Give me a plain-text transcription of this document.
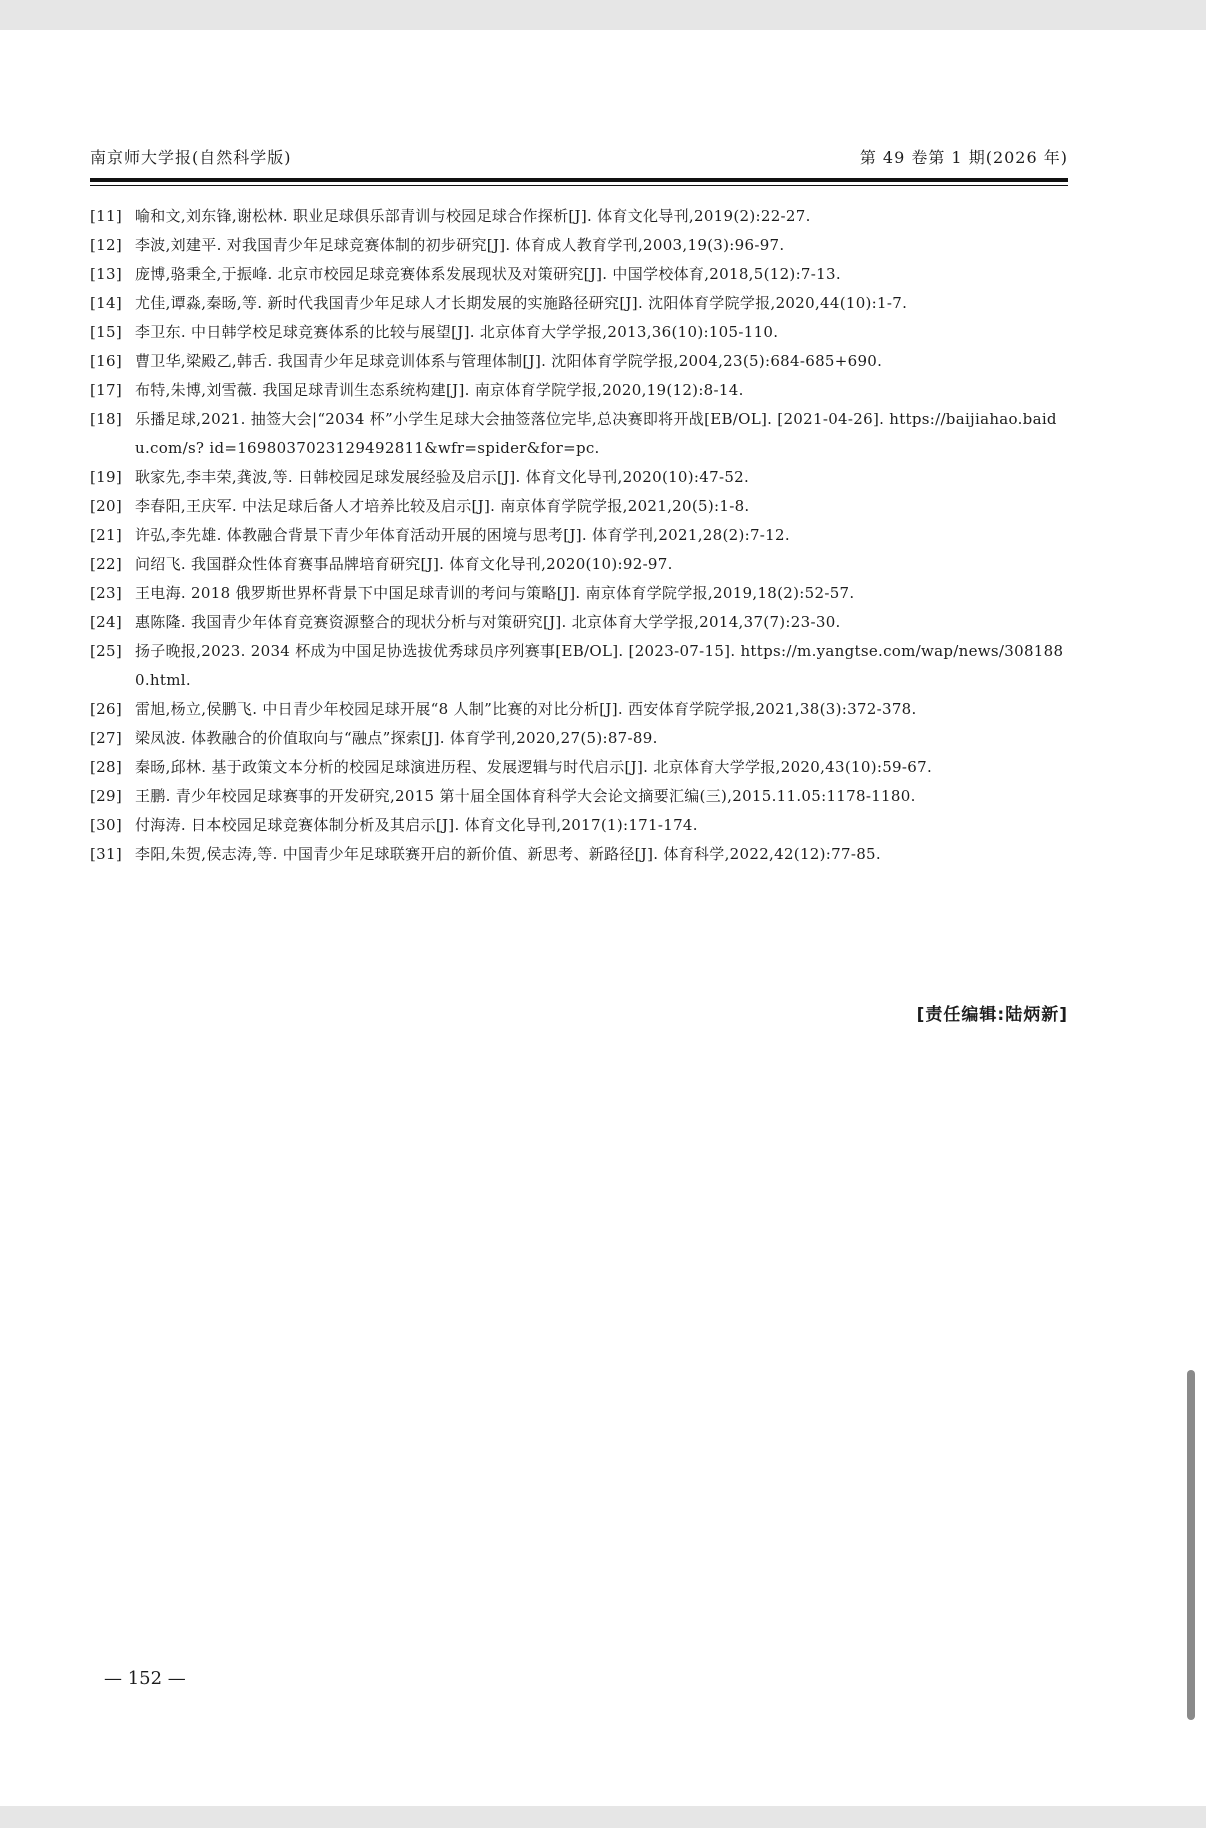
南京师大学报(自然科学版)	第 49 卷第 1 期(2026 年)
[11] 喻和文,刘东锋,谢松林. 职业足球俱乐部青训与校园足球合作探析[J]. 体育文化导刊,2019(2):22-27.
[12] 李波,刘建平. 对我国青少年足球竞赛体制的初步研究[J]. 体育成人教育学刊,2003,19(3):96-97.
[13] 庞博,骆秉全,于振峰. 北京市校园足球竞赛体系发展现状及对策研究[J]. 中国学校体育,2018,5(12):7-13.
[14] 尤佳,谭淼,秦旸,等. 新时代我国青少年足球人才长期发展的实施路径研究[J]. 沈阳体育学院学报,2020,44(10):1-7.
[15] 李卫东. 中日韩学校足球竞赛体系的比较与展望[J]. 北京体育大学学报,2013,36(10):105-110.
[16] 曹卫华,梁殿乙,韩舌. 我国青少年足球竞训体系与管理体制[J]. 沈阳体育学院学报,2004,23(5):684-685+690.
[17] 布特,朱博,刘雪薇. 我国足球青训生态系统构建[J]. 南京体育学院学报,2020,19(12):8-14.
[18] 乐播足球,2021. 抽签大会|“2034 杯”小学生足球大会抽签落位完毕,总决赛即将开战[EB/OL]. [2021-04-26]. https://baijiahao.baidu.com/s? id=1698037023129492811&wfr=spider&for=pc.
[19] 耿家先,李丰荣,龚波,等. 日韩校园足球发展经验及启示[J]. 体育文化导刊,2020(10):47-52.
[20] 李春阳,王庆军. 中法足球后备人才培养比较及启示[J]. 南京体育学院学报,2021,20(5):1-8.
[21] 许弘,李先雄. 体教融合背景下青少年体育活动开展的困境与思考[J]. 体育学刊,2021,28(2):7-12.
[22] 问绍飞. 我国群众性体育赛事品牌培育研究[J]. 体育文化导刊,2020(10):92-97.
[23] 王电海. 2018 俄罗斯世界杯背景下中国足球青训的考问与策略[J]. 南京体育学院学报,2019,18(2):52-57.
[24] 惠陈隆. 我国青少年体育竞赛资源整合的现状分析与对策研究[J]. 北京体育大学学报,2014,37(7):23-30.
[25] 扬子晚报,2023. 2034 杯成为中国足协选拔优秀球员序列赛事[EB/OL]. [2023-07-15]. https://m.yangtse.com/wap/news/3081880.html.
[26] 雷旭,杨立,侯鹏飞. 中日青少年校园足球开展“8 人制”比赛的对比分析[J]. 西安体育学院学报,2021,38(3):372-378.
[27] 梁凤波. 体教融合的价值取向与“融点”探索[J]. 体育学刊,2020,27(5):87-89.
[28] 秦旸,邱林. 基于政策文本分析的校园足球演进历程、发展逻辑与时代启示[J]. 北京体育大学学报,2020,43(10):59-67.
[29] 王鹏. 青少年校园足球赛事的开发研究,2015 第十届全国体育科学大会论文摘要汇编(三),2015.11.05:1178-1180.
[30] 付海涛. 日本校园足球竞赛体制分析及其启示[J]. 体育文化导刊,2017(1):171-174.
[31] 李阳,朱贺,侯志涛,等. 中国青少年足球联赛开启的新价值、新思考、新路径[J]. 体育科学,2022,42(12):77-85.
[责任编辑:陆炳新]
— 152 —
